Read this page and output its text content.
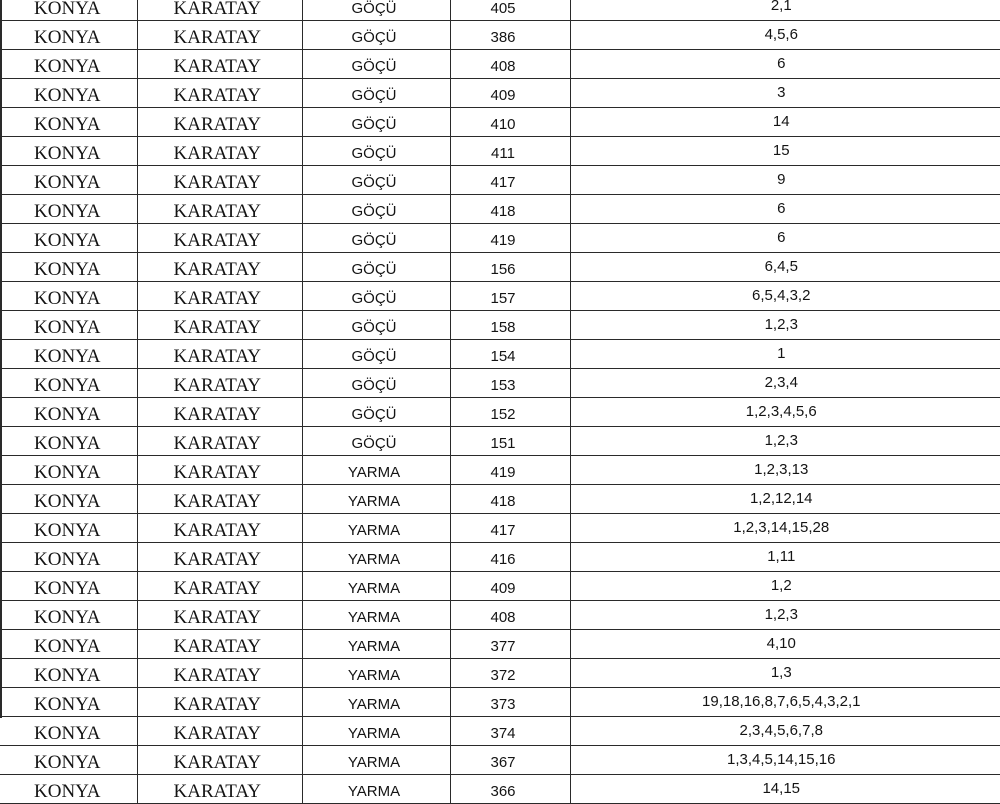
KONYA	KARATAY	GÖÇÜ	405	2,1
KONYA	KARATAY	GÖÇÜ	386	4,5,6
KONYA	KARATAY	GÖÇÜ	408	6
KONYA	KARATAY	GÖÇÜ	409	3
KONYA	KARATAY	GÖÇÜ	410	14
KONYA	KARATAY	GÖÇÜ	411	15
KONYA	KARATAY	GÖÇÜ	417	9
KONYA	KARATAY	GÖÇÜ	418	6
KONYA	KARATAY	GÖÇÜ	419	6
KONYA	KARATAY	GÖÇÜ	156	6,4,5
KONYA	KARATAY	GÖÇÜ	157	6,5,4,3,2
KONYA	KARATAY	GÖÇÜ	158	1,2,3
KONYA	KARATAY	GÖÇÜ	154	1
KONYA	KARATAY	GÖÇÜ	153	2,3,4
KONYA	KARATAY	GÖÇÜ	152	1,2,3,4,5,6
KONYA	KARATAY	GÖÇÜ	151	1,2,3
KONYA	KARATAY	YARMA	419	1,2,3,13
KONYA	KARATAY	YARMA	418	1,2,12,14
KONYA	KARATAY	YARMA	417	1,2,3,14,15,28
KONYA	KARATAY	YARMA	416	1,11
KONYA	KARATAY	YARMA	409	1,2
KONYA	KARATAY	YARMA	408	1,2,3
KONYA	KARATAY	YARMA	377	4,10
KONYA	KARATAY	YARMA	372	1,3
KONYA	KARATAY	YARMA	373	19,18,16,8,7,6,5,4,3,2,1
KONYA	KARATAY	YARMA	374	2,3,4,5,6,7,8
KONYA	KARATAY	YARMA	367	1,3,4,5,14,15,16
KONYA	KARATAY	YARMA	366	14,15
